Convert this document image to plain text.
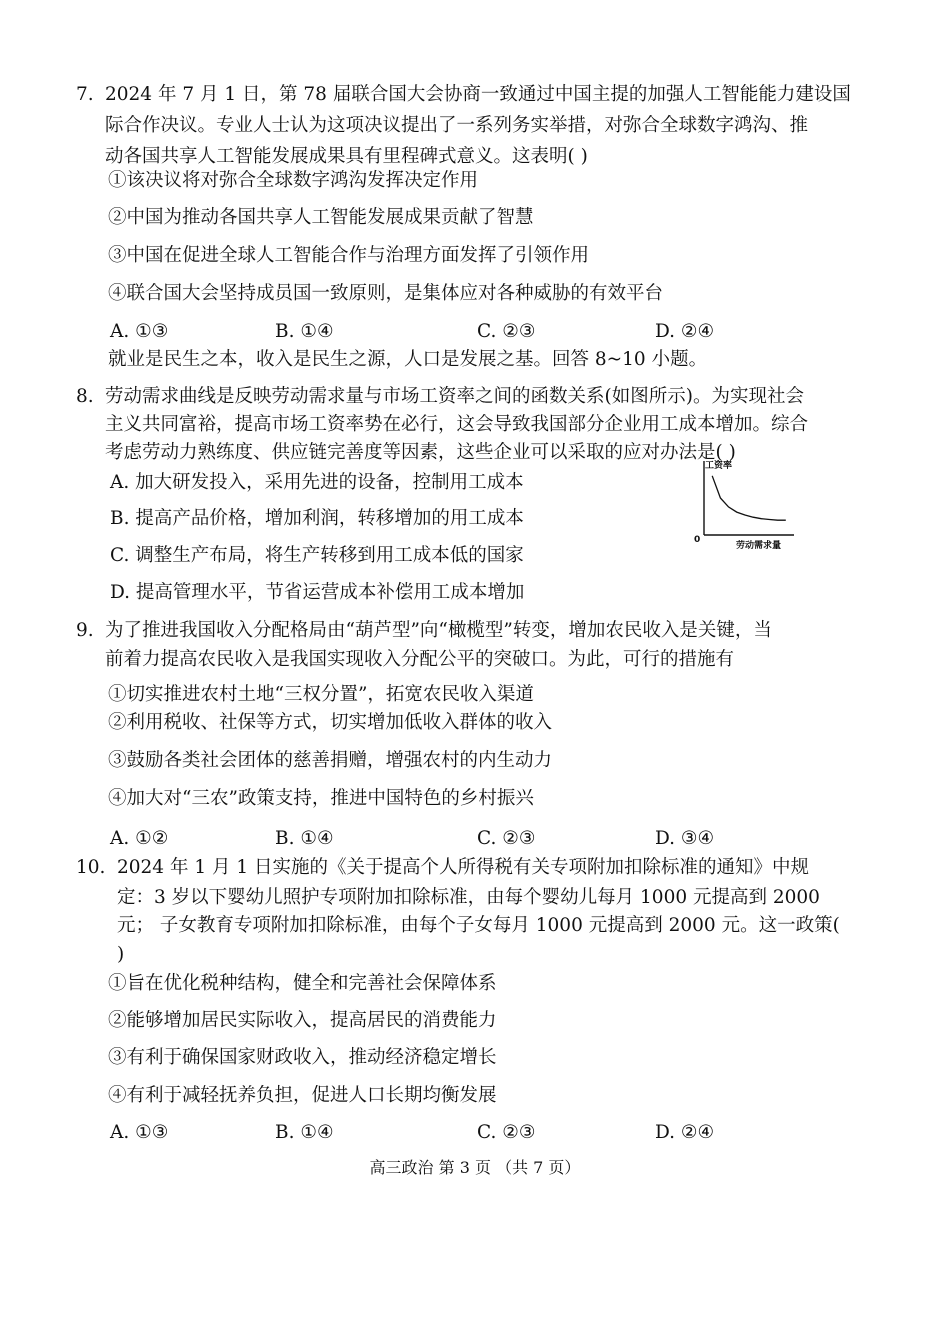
7. 2024 年 7 月 1 日，第 78 届联合国大会协商一致通过中国主提的加强人工智能能力建设国
际合作决议。专业人士认为这项决议提出了一系列务实举措，对弥合全球数字鸿沟、推
动各国共享人工智能发展成果具有里程碑式意义。这表明( )
①该决议将对弥合全球数字鸿沟发挥决定作用
②中国为推动各国共享人工智能发展成果贡献了智慧
③中国在促进全球人工智能合作与治理方面发挥了引领作用
④联合国大会坚持成员国一致原则，是集体应对各种威胁的有效平台
A. ①③	B. ①④	C. ②③	D. ②④
就业是民生之本，收入是民生之源，人口是发展之基。回答 8~10 小题。
8. 劳动需求曲线是反映劳动需求量与市场工资率之间的函数关系(如图所示)。为实现社会
主义共同富裕，提高市场工资率势在必行，这会导致我国部分企业用工成本增加。综合
考虑劳动力熟练度、供应链完善度等因素，这些企业可以采取的应对办法是( )
A. 加大研发投入，采用先进的设备，控制用工成本
B. 提高产品价格，增加利润，转移增加的用工成本
C. 调整生产布局，将生产转移到用工成本低的国家
D. 提高管理水平，节省运营成本补偿用工成本增加
工资率
劳动需求量
0
9. 为了推进我国收入分配格局由“葫芦型”向“橄榄型”转变，增加农民收入是关键，当
前着力提高农民收入是我国实现收入分配公平的突破口。为此，可行的措施有
①切实推进农村土地“三权分置”，拓宽农民收入渠道
②利用税收、社保等方式，切实增加低收入群体的收入
③鼓励各类社会团体的慈善捐赠，增强农村的内生动力
④加大对“三农”政策支持，推进中国特色的乡村振兴
A. ①②	B. ①④	C. ②③	D. ③④
10. 2024 年 1 月 1 日实施的《关于提高个人所得税有关专项附加扣除标准的通知》中规
定：3 岁以下婴幼儿照护专项附加扣除标准，由每个婴幼儿每月 1000 元提高到 2000
元； 子女教育专项附加扣除标准，由每个子女每月 1000 元提高到 2000 元。这一政策(
)
①旨在优化税种结构，健全和完善社会保障体系
②能够增加居民实际收入，提高居民的消费能力
③有利于确保国家财政收入，推动经济稳定增长
④有利于减轻抚养负担，促进人口长期均衡发展
A. ①③	B. ①④	C. ②③	D. ②④
高三政治 第 3 页 （共 7 页）
